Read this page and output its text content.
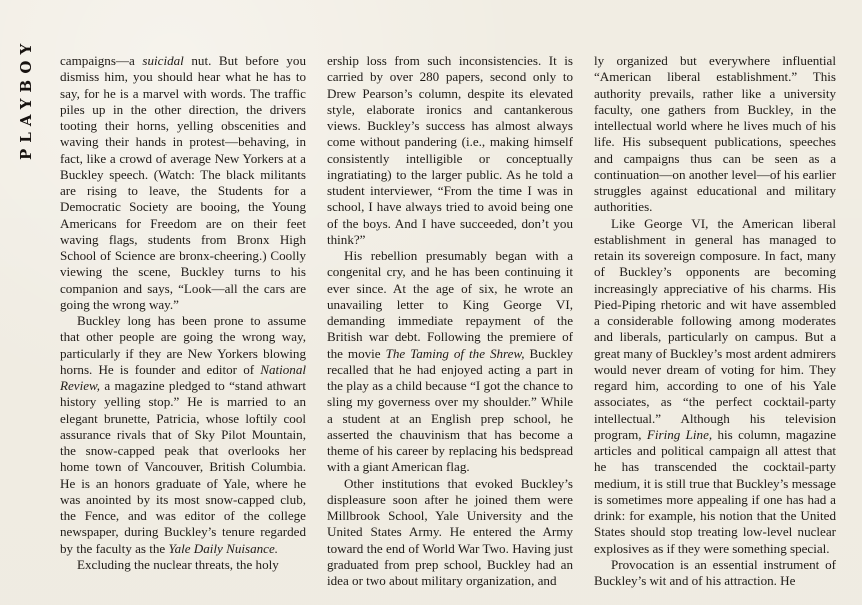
PLAYBOY campaigns—a suicidal nut. But before you dismiss him, you should hear what he has to say, for he is a marvel with words. The traffic piles up in the other direction, the drivers tooting their horns, yelling obscenities and waving their hands in protest—behaving, in fact, like a crowd of average New Yorkers at a Buckley speech. (Watch: The black militants are rising to leave, the Students for a Democratic Society are booing, the Young Americans for Freedom are on their feet waving flags, students from Bronx High School of Science are bronx-cheering.) Coolly viewing the scene, Buckley turns to his companion and says, “Look—all the cars are going the wrong way.”

Buckley long has been prone to assume that other people are going the wrong way, particularly if they are New Yorkers blowing horns. He is founder and editor of National Review, a magazine pledged to “stand athwart history yelling stop.” He is married to an elegant brunette, Patricia, whose loftily cool assurance rivals that of Sky Pilot Mountain, the snow-capped peak that overlooks her home town of Vancouver, British Columbia. He is an honors graduate of Yale, where he was anointed by its most snow-capped club, the Fence, and was editor of the college newspaper, during Buckley’s tenure regarded by the faculty as the Yale Daily Nuisance.

Excluding the nuclear threats, the holy

ership loss from such inconsistencies. It is carried by over 280 papers, second only to Drew Pearson’s column, despite its elevated style, elaborate ironics and cantankerous views. Buckley’s success has almost always come without pandering (i.e., making himself consistently intelligible or conceptually ingratiating) to the larger public. As he told a student interviewer, “From the time I was in school, I have always tried to avoid being one of the boys. And I have succeeded, don’t you think?”

His rebellion presumably began with a congenital cry, and he has been continuing it ever since. At the age of six, he wrote an unavailing letter to King George VI, demanding immediate repayment of the British war debt. Following the premiere of the movie The Taming of the Shrew, Buckley recalled that he had enjoyed acting a part in the play as a child because “I got the chance to sling my governess over my shoulder.” While a student at an English prep school, he asserted the chauvinism that has become a theme of his career by replacing his bedspread with a giant American flag.

Other institutions that evoked Buckley’s displeasure soon after he joined them were Millbrook School, Yale University and the United States Army. He entered the Army toward the end of World War Two. Having just graduated from prep school, Buckley had an idea or two about military organization, and

ly organized but everywhere influential “American liberal establishment.” This authority prevails, rather like a university faculty, one gathers from Buckley, in the intellectual world where he lives much of his life. His subsequent publications, speeches and campaigns thus can be seen as a continuation—on another level—of his earlier struggles against educational and military authorities.

Like George VI, the American liberal establishment in general has managed to retain its sovereign composure. In fact, many of Buckley’s opponents are becoming increasingly appreciative of his charms. His Pied-Piping rhetoric and wit have assembled a considerable following among moderates and liberals, particularly on campus. But a great many of Buckley’s most ardent admirers would never dream of voting for him. They regard him, according to one of his Yale associates, as “the perfect cocktail-party intellectual.” Although his television program, Firing Line, his column, magazine articles and political campaign all attest that he has transcended the cocktail-party medium, it is still true that Buckley’s message is sometimes more appealing if one has had a drink: for example, his notion that the United States should stop treating low-level nuclear explosives as if they were something special.

Provocation is an essential instrument of Buckley’s wit and of his attraction. He
